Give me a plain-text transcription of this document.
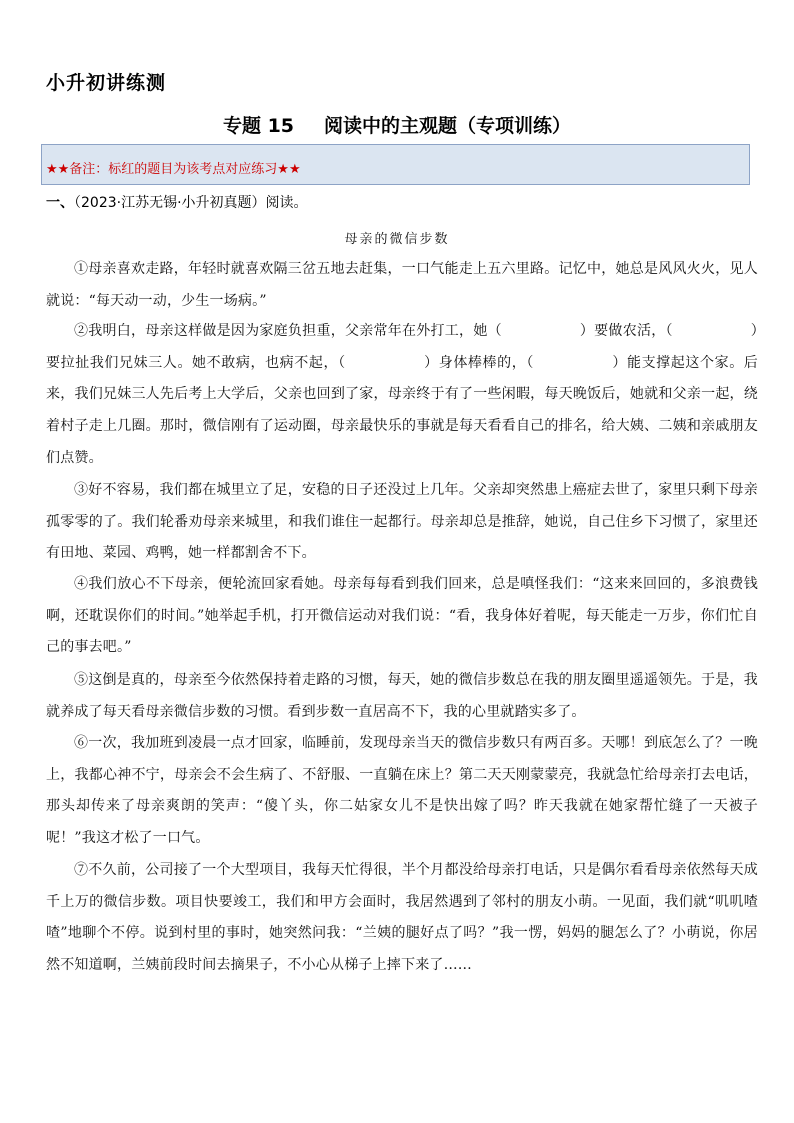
小升初讲练测
专题 15 阅读中的主观题（专项训练）
★★备注：标红的题目为该考点对应练习★★
一、（2023·江苏无锡·小升初真题）阅读。
母亲的微信步数
①母亲喜欢走路，年轻时就喜欢隔三岔五地去赶集，一口气能走上五六里路。记忆中，她总是风风火火，见人就说：“每天动一动，少生一场病。”
②我明白，母亲这样做是因为家庭负担重，父亲常年在外打工，她（	）要做农活，（	）要拉扯我们兄妹三人。她不敢病，也病不起，（	）身体棒棒的，（	）能支撑起这个家。后来，我们兄妹三人先后考上大学后，父亲也回到了家，母亲终于有了一些闲暇，每天晚饭后，她就和父亲一起，绕着村子走上几圈。那时，微信刚有了运动圈，母亲最快乐的事就是每天看看自己的排名，给大姨、二姨和亲戚朋友们点赞。
③好不容易，我们都在城里立了足，安稳的日子还没过上几年。父亲却突然患上癌症去世了，家里只剩下母亲孤零零的了。我们轮番劝母亲来城里，和我们谁住一起都行。母亲却总是推辞，她说，自己住乡下习惯了，家里还有田地、菜园、鸡鸭，她一样都割舍不下。
④我们放心不下母亲，便轮流回家看她。母亲每每看到我们回来，总是嗔怪我们：“这来来回回的，多浪费钱啊，还耽误你们的时间。”她举起手机，打开微信运动对我们说：“看，我身体好着呢，每天能走一万步，你们忙自己的事去吧。”
⑤这倒是真的，母亲至今依然保持着走路的习惯，每天，她的微信步数总在我的朋友圈里遥遥领先。于是，我就养成了每天看母亲微信步数的习惯。看到步数一直居高不下，我的心里就踏实多了。
⑥一次，我加班到凌晨一点才回家，临睡前，发现母亲当天的微信步数只有两百多。天哪！到底怎么了？一晚上，我都心神不宁，母亲会不会生病了、不舒服、一直躺在床上？第二天天刚蒙蒙亮，我就急忙给母亲打去电话，那头却传来了母亲爽朗的笑声：“傻丫头，你二姑家女儿不是快出嫁了吗？昨天我就在她家帮忙缝了一天被子呢！”我这才松了一口气。
⑦不久前，公司接了一个大型项目，我每天忙得很，半个月都没给母亲打电话，只是偶尔看看母亲依然每天成千上万的微信步数。项目快要竣工，我们和甲方会面时，我居然遇到了邻村的朋友小萌。一见面，我们就“叽叽喳喳”地聊个不停。说到村里的事时，她突然问我：“兰姨的腿好点了吗？”我一愣，妈妈的腿怎么了？小萌说，你居然不知道啊，兰姨前段时间去摘果子，不小心从梯子上摔下来了……
